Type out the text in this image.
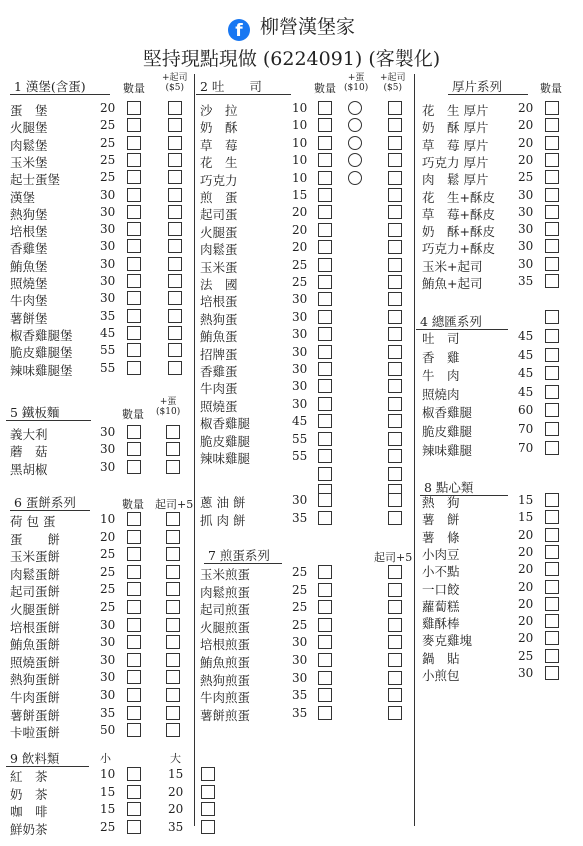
f 柳營漢堡家
堅持現點現做 (6224091) (客製化)
1 漢堡(含蛋)	數量
+起司
($5)
蛋　堡	20
火腿堡	25
肉鬆堡	25
玉米堡	25
起士蛋堡	25
漢堡	30
熱狗堡	30
培根堡	30
香雞堡	30
鮪魚堡	30
照燒堡	30
牛肉堡	30
薯餅堡	35
椒香雞腿堡 45
脆皮雞腿堡 55
辣味雞腿堡 55
5 鐵板麵	數量
+蛋
($10)
義大利	30
蘑　菇	30
黑胡椒	30
6 蛋餅系列	數量 起司+5
荷 包 蛋	10
蛋　　餅	20
玉米蛋餅	25
肉鬆蛋餅	25
起司蛋餅	25
火腿蛋餅	25
培根蛋餅	30
鮪魚蛋餅	30
照燒蛋餅	30
熱狗蛋餅	30
牛肉蛋餅	30
薯餅蛋餅	35
卡啦蛋餅	50
9 飲料類	小	大
紅　茶	10	15
奶　茶	15	20
咖　啡	15	20
鮮奶茶	25	35
2 吐　　司	數量
+蛋
($10)
+起司
($5)
沙　拉	10
奶　酥	10
草　莓	10
花　生	10
巧克力	10
煎　蛋	15
起司蛋	20
火腿蛋	20
肉鬆蛋	20
玉米蛋	25
法　國	25
培根蛋	30
熱狗蛋	30
鮪魚蛋	30
招牌蛋	30
香雞蛋	30
牛肉蛋	30
照燒蛋	30
椒香雞腿	45
脆皮雞腿	55
辣味雞腿	55
蔥 油 餅	30
抓 肉 餅	35
7 煎蛋系列	起司+5
玉米煎蛋	25
肉鬆煎蛋	25
起司煎蛋	25
火腿煎蛋	25
培根煎蛋	30
鮪魚煎蛋	30
熱狗煎蛋	30
牛肉煎蛋	35
薯餅煎蛋	35
厚片系列	數量
花　生 厚片 20
奶　酥 厚片 20
草　莓 厚片 20
巧克力 厚片 20
肉　鬆 厚片 25
花　生+酥皮 30
草　莓+酥皮 30
奶　酥+酥皮 30
巧克力+酥皮 30
玉米+起司	30
鮪魚+起司	35
4 總匯系列
吐　司	45
香　雞	45
牛　肉	45
照燒肉	45
椒香雞腿	60
脆皮雞腿	70
辣味雞腿	70
8 點心類
熱　狗	15
薯　餅	15
薯　條	20
小肉豆	20
小不點	20
一口餃	20
蘿蔔糕	20
雞酥棒	20
麥克雞塊	20
鍋　貼	25
小煎包	30
